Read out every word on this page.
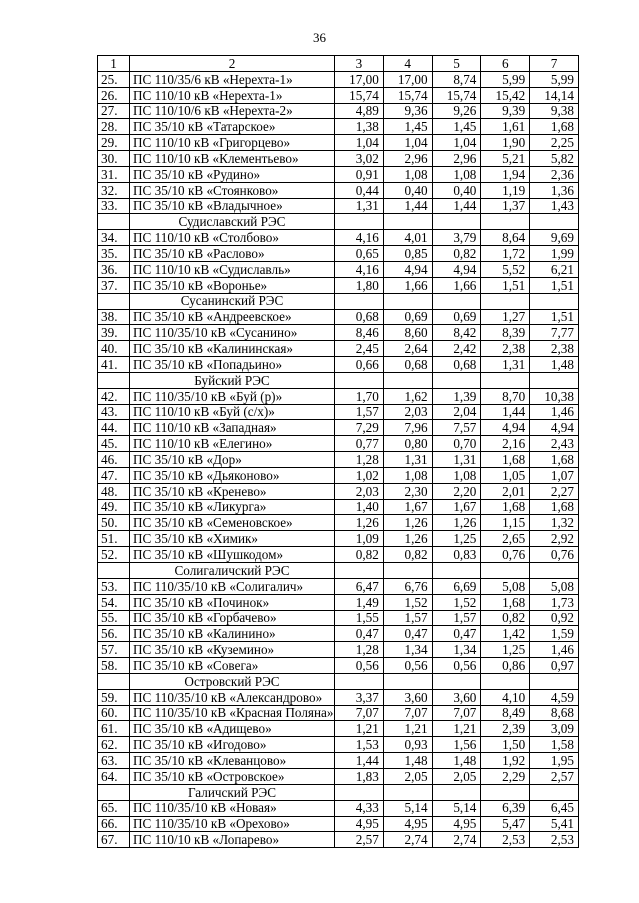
36
1	2	3	4	5	6	7
25.	ПС 110/35/6 кВ «Нерехта-1»	17,00	17,00	8,74	5,99	5,99
26.	ПС 110/10 кВ «Нерехта-1»	15,74	15,74	15,74	15,42	14,14
27.	ПС 110/10/6 кВ «Нерехта-2»	4,89	9,36	9,26	9,39	9,38
28.	ПС 35/10 кВ «Татарское»	1,38	1,45	1,45	1,61	1,68
29.	ПС 110/10 кВ «Григорцево»	1,04	1,04	1,04	1,90	2,25
30.	ПС 110/10 кВ «Клементьево»	3,02	2,96	2,96	5,21	5,82
31.	ПС 35/10 кВ «Рудино»	0,91	1,08	1,08	1,94	2,36
32.	ПС 35/10 кВ «Стоянково»	0,44	0,40	0,40	1,19	1,36
33.	ПС 35/10 кВ «Владычное»	1,31	1,44	1,44	1,37	1,43
	Судиславский РЭС					
34.	ПС 110/10 кВ «Столбово»	4,16	4,01	3,79	8,64	9,69
35.	ПС 35/10 кВ «Раслово»	0,65	0,85	0,82	1,72	1,99
36.	ПС 110/10 кВ «Судиславль»	4,16	4,94	4,94	5,52	6,21
37.	ПС 35/10 кВ «Воронье»	1,80	1,66	1,66	1,51	1,51
	Сусанинский РЭС					
38.	ПС 35/10 кВ «Андреевское»	0,68	0,69	0,69	1,27	1,51
39.	ПС 110/35/10 кВ «Сусанино»	8,46	8,60	8,42	8,39	7,77
40.	ПС 35/10 кВ «Калининская»	2,45	2,64	2,42	2,38	2,38
41.	ПС 35/10 кВ «Попадьино»	0,66	0,68	0,68	1,31	1,48
	Буйский РЭС					
42.	ПС 110/35/10 кВ «Буй (р)»	1,70	1,62	1,39	8,70	10,38
43.	ПС 110/10 кВ «Буй (с/х)»	1,57	2,03	2,04	1,44	1,46
44.	ПС 110/10 кВ «Западная»	7,29	7,96	7,57	4,94	4,94
45.	ПС 110/10 кВ «Елегино»	0,77	0,80	0,70	2,16	2,43
46.	ПС 35/10 кВ «Дор»	1,28	1,31	1,31	1,68	1,68
47.	ПС 35/10 кВ «Дьяконово»	1,02	1,08	1,08	1,05	1,07
48.	ПС 35/10 кВ «Кренево»	2,03	2,30	2,20	2,01	2,27
49.	ПС 35/10 кВ «Ликурга»	1,40	1,67	1,67	1,68	1,68
50.	ПС 35/10 кВ «Семеновское»	1,26	1,26	1,26	1,15	1,32
51.	ПС 35/10 кВ «Химик»	1,09	1,26	1,25	2,65	2,92
52.	ПС 35/10 кВ «Шушкодом»	0,82	0,82	0,83	0,76	0,76
	Солигаличский РЭС					
53.	ПС 110/35/10 кВ «Солигалич»	6,47	6,76	6,69	5,08	5,08
54.	ПС 35/10 кВ «Починок»	1,49	1,52	1,52	1,68	1,73
55.	ПС 35/10 кВ «Горбачево»	1,55	1,57	1,57	0,82	0,92
56.	ПС 35/10 кВ «Калинино»	0,47	0,47	0,47	1,42	1,59
57.	ПС 35/10 кВ «Куземино»	1,28	1,34	1,34	1,25	1,46
58.	ПС 35/10 кВ «Совега»	0,56	0,56	0,56	0,86	0,97
	Островский РЭС					
59.	ПС 110/35/10 кВ «Александрово»	3,37	3,60	3,60	4,10	4,59
60.	ПС 110/35/10 кВ «Красная Поляна»	7,07	7,07	7,07	8,49	8,68
61.	ПС 35/10 кВ «Адищево»	1,21	1,21	1,21	2,39	3,09
62.	ПС 35/10 кВ «Игодово»	1,53	0,93	1,56	1,50	1,58
63.	ПС 35/10 кВ «Клеванцово»	1,44	1,48	1,48	1,92	1,95
64.	ПС 35/10 кВ «Островское»	1,83	2,05	2,05	2,29	2,57
	Галичский РЭС					
65.	ПС 110/35/10 кВ «Новая»	4,33	5,14	5,14	6,39	6,45
66.	ПС 110/35/10 кВ «Орехово»	4,95	4,95	4,95	5,47	5,41
67.	ПС 110/10 кВ «Лопарево»	2,57	2,74	2,74	2,53	2,53
